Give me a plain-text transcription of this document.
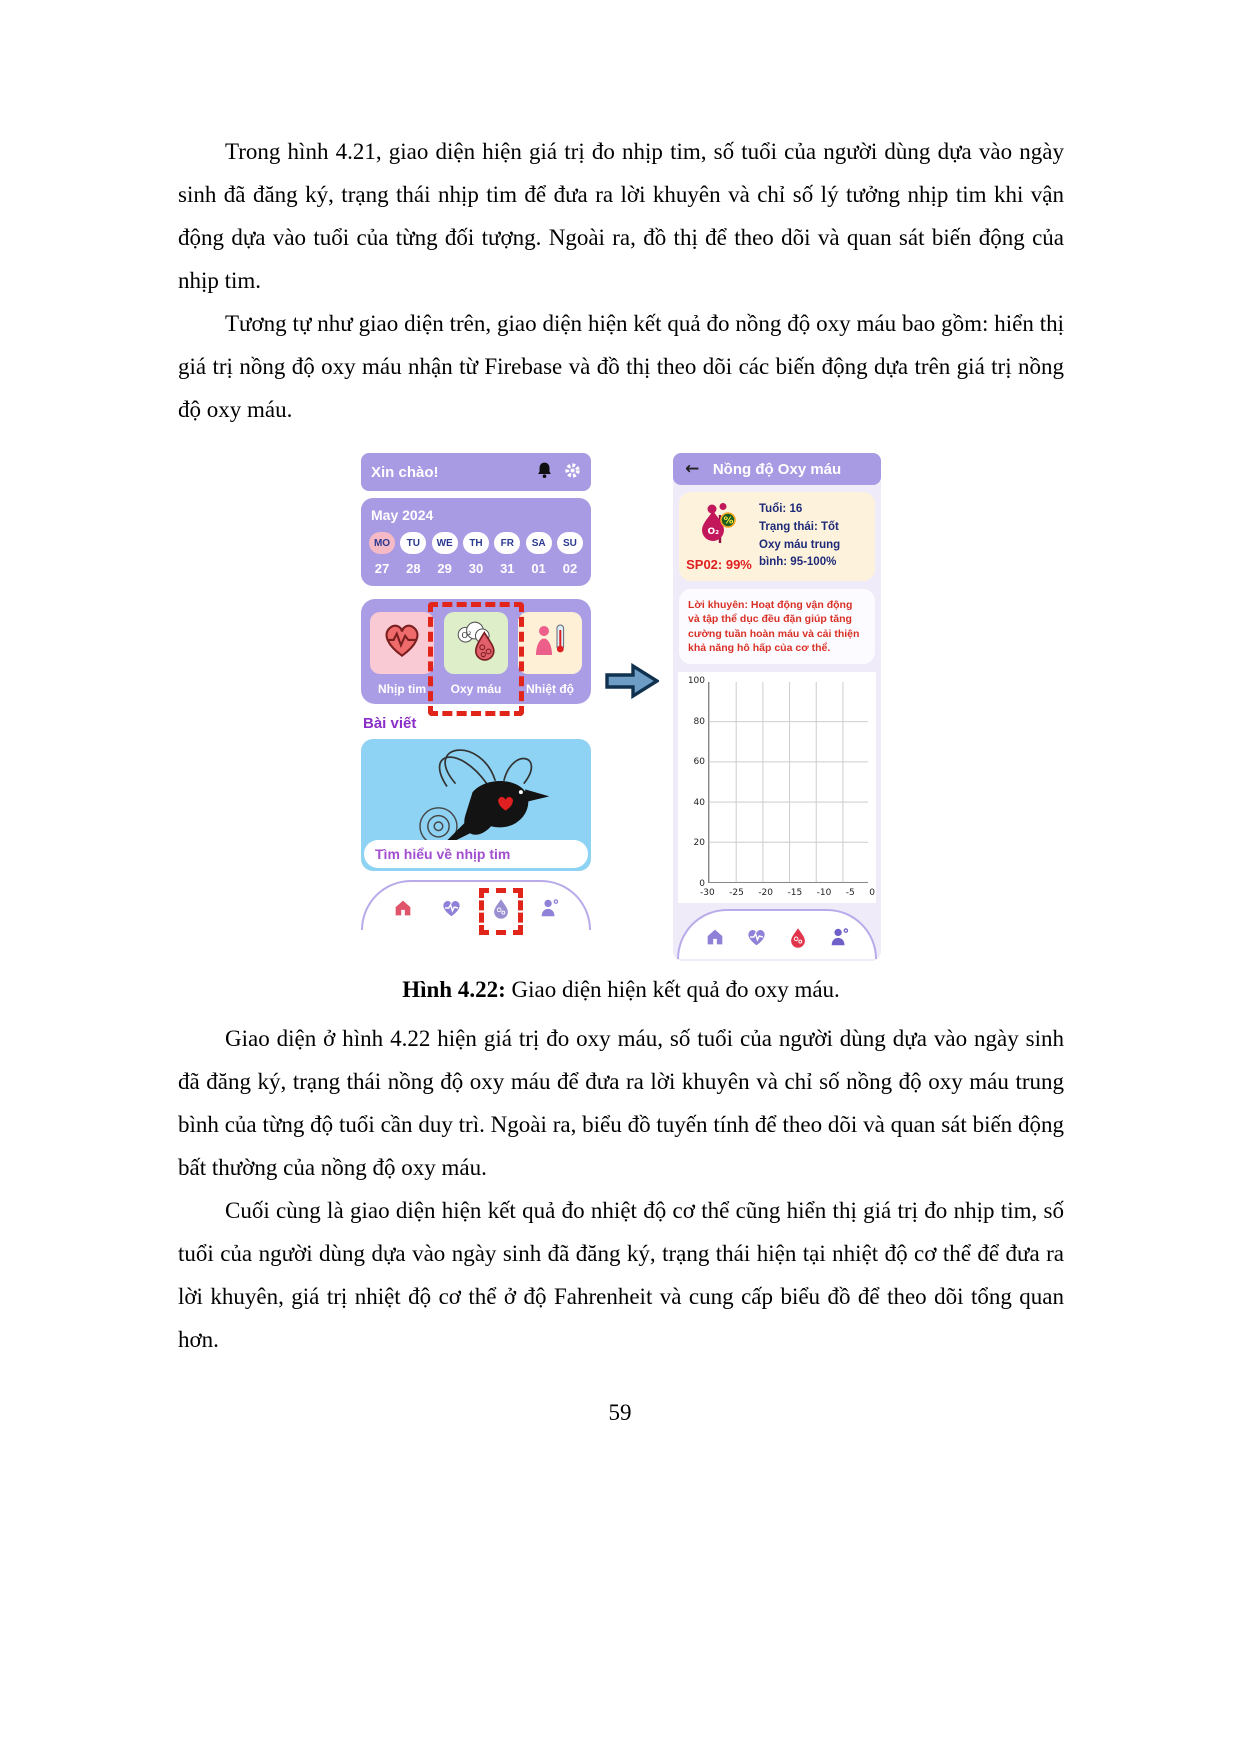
Trong hình 4.21, giao diện hiện giá trị đo nhịp tim, số tuổi của người dùng dựa vào ngày sinh đã đăng ký, trạng thái nhịp tim để đưa ra lời khuyên và chỉ số lý tưởng nhịp tim khi vận động dựa vào tuổi của từng đối tượng. Ngoài ra, đồ thị để theo dõi và quan sát biến động của nhịp tim.

Tương tự như giao diện trên, giao diện hiện kết quả đo nồng độ oxy máu bao gồm: hiển thị giá trị nồng độ oxy máu nhận từ Firebase và đồ thị theo dõi các biến động dựa trên giá trị nồng độ oxy máu.

Xin chào!
May 2024
MO	TU	WE	TH	FR	SA	SU
27	28	29	30	31	01	02
O²
Nhịp tim	Oxy máu	Nhiệt độ
Bài viết
Tìm hiểu về nhịp tim
← Nồng độ Oxy máu
O₂
%
SP02: 99%
Tuổi: 16
Trạng thái: Tốt
Oxy máu trung bình: 95-100%
Lời khuyên: Hoạt động vận động và tập thể dục đều đặn giúp tăng cường tuần hoàn máu và cải thiện khả năng hô hấp của cơ thể.
100
80
60
40
20
0
-30 -25 -20 -15 -10 -5 0
Hình 4.22: Giao diện hiện kết quả đo oxy máu.

Giao diện ở hình 4.22 hiện giá trị đo oxy máu, số tuổi của người dùng dựa vào ngày sinh đã đăng ký, trạng thái nồng độ oxy máu để đưa ra lời khuyên và chỉ số nồng độ oxy máu trung bình của từng độ tuổi cần duy trì. Ngoài ra, biểu đồ tuyến tính để theo dõi và quan sát biến động bất thường của nồng độ oxy máu.

Cuối cùng là giao diện hiện kết quả đo nhiệt độ cơ thể cũng hiển thị giá trị đo nhịp tim, số tuổi của người dùng dựa vào ngày sinh đã đăng ký, trạng thái hiện tại nhiệt độ cơ thể để đưa ra lời khuyên, giá trị nhiệt độ cơ thể ở độ Fahrenheit và cung cấp biểu đồ để theo dõi tổng quan hơn.

59
